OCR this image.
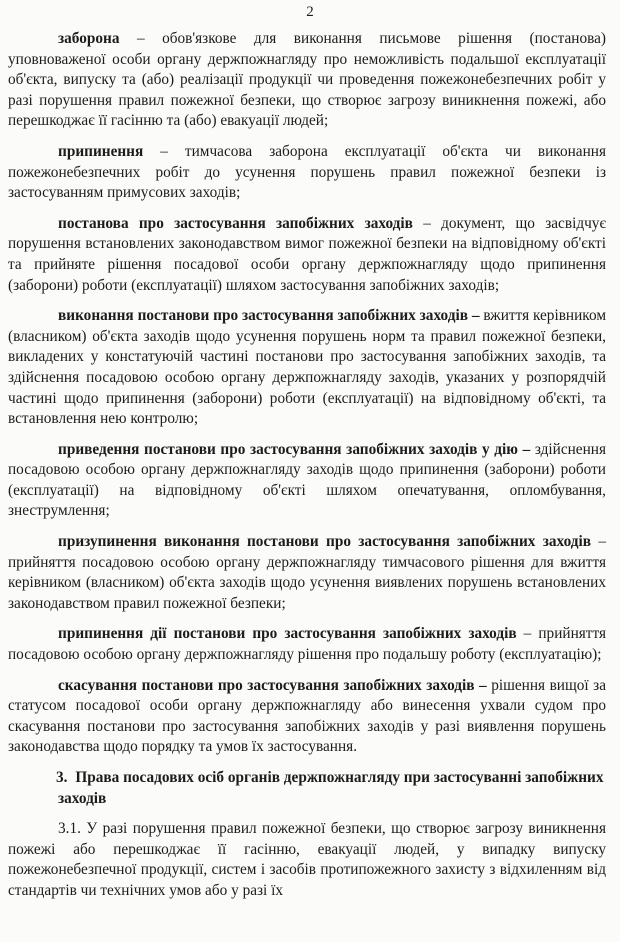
2

заборона – обов'язкове для виконання письмове рішення (постанова) уповноваженої особи органу держпожнагляду про неможливість подальшої експлуатації об'єкта, випуску та (або) реалізації продукції чи проведення пожежонебезпечних робіт у разі порушення правил пожежної безпеки, що створює загрозу виникнення пожежі, або перешкоджає її гасінню та (або) евакуації людей;

припинення – тимчасова заборона експлуатації об'єкта чи виконання пожежонебезпечних робіт до усунення порушень правил пожежної безпеки із застосуванням примусових заходів;

постанова про застосування запобіжних заходів – документ, що засвідчує порушення встановлених законодавством вимог пожежної безпеки на відповідному об'єкті та прийняте рішення посадової особи органу держпожнагляду щодо припинення (заборони) роботи (експлуатації) шляхом застосування запобіжних заходів;

виконання постанови про застосування запобіжних заходів – вжиття керівником (власником) об'єкта заходів щодо усунення порушень норм та правил пожежної безпеки, викладених у констатуючій частині постанови про застосування запобіжних заходів, та здійснення посадовою особою органу держпожнагляду заходів, указаних у розпорядчій частині щодо припинення (заборони) роботи (експлуатації) на відповідному об'єкті, та встановлення нею контролю;

приведення постанови про застосування запобіжних заходів у дію – здійснення посадовою особою органу держпожнагляду заходів щодо припинення (заборони) роботи (експлуатації) на відповідному об'єкті шляхом опечатування, опломбування, знеструмлення;

призупинення виконання постанови про застосування запобіжних заходів – прийняття посадовою особою органу держпожнагляду тимчасового рішення для вжиття керівником (власником) об'єкта заходів щодо усунення виявлених порушень встановлених законодавством правил пожежної безпеки;

припинення дії постанови про застосування запобіжних заходів – прийняття посадовою особою органу держпожнагляду рішення про подальшу роботу (експлуатацію);

скасування постанови про застосування запобіжних заходів – рішення вищої за статусом посадової особи органу держпожнагляду або винесення ухвали судом про скасування постанови про застосування запобіжних заходів у разі виявлення порушень законодавства щодо порядку та умов їх застосування.

3. Права посадових осіб органів держпожнагляду при застосуванні запобіжних заходів

3.1. У разі порушення правил пожежної безпеки, що створює загрозу виникнення пожежі або перешкоджає її гасінню, евакуації людей, у випадку випуску пожежонебезпечної продукції, систем і засобів протипожежного захисту з відхиленням від стандартів чи технічних умов або у разі їх
